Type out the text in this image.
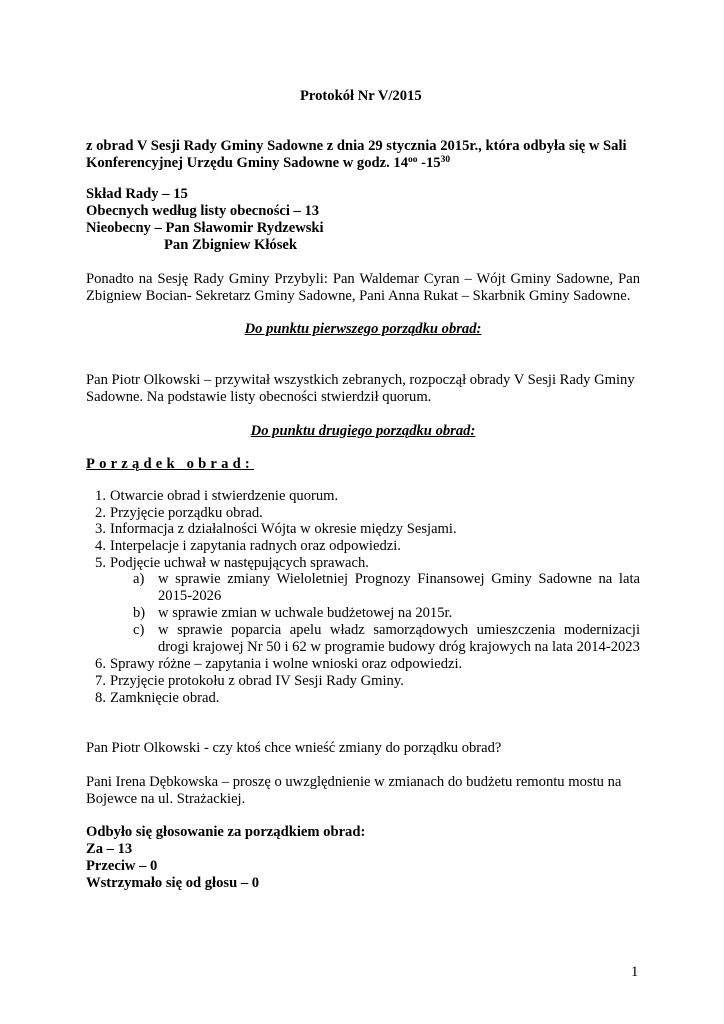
Protokół Nr V/2015
z obrad V Sesji Rady Gminy Sadowne z dnia 29 stycznia 2015r., która odbyła się w Sali
Konferencyjnej Urzędu Gminy Sadowne w godz. $14^{oo}$ $-15^{30}$
Skład Rady – 15
Obecnych według listy obecności – 13
Nieobecny – Pan Sławomir Rydzewski
Pan Zbigniew Kłósek
Ponadto na Sesję Rady Gminy Przybyli: Pan Waldemar Cyran – Wójt Gminy Sadowne, Pan Zbigniew Bocian- Sekretarz Gminy Sadowne, Pani Anna Rukat – Skarbnik Gminy Sadowne.
Do punktu pierwszego porządku obrad:
Pan Piotr Olkowski – przywitał wszystkich zebranych, rozpoczął obrady V Sesji Rady Gminy Sadowne. Na podstawie listy obecności stwierdził quorum.
Do punktu drugiego porządku obrad:
Porządek obrad:
1. Otwarcie obrad i stwierdzenie quorum.
2. Przyjęcie porządku obrad.
3. Informacja z działalności Wójta w okresie między Sesjami.
4. Interpelacje i zapytania radnych oraz odpowiedzi.
5. Podjęcie uchwał w następujących sprawach.
a) w sprawie zmiany Wieloletniej Prognozy Finansowej Gminy Sadowne na lata 2015-2026
b) w sprawie zmian w uchwale budżetowej na 2015r.
c) w sprawie poparcia apelu władz samorządowych umieszczenia modernizacji drogi krajowej Nr 50 i 62 w programie budowy dróg krajowych na lata 2014-2023
6. Sprawy różne – zapytania i wolne wnioski oraz odpowiedzi.
7. Przyjęcie protokołu z obrad IV Sesji Rady Gminy.
8. Zamknięcie obrad.
Pan Piotr Olkowski - czy ktoś chce wnieść zmiany do porządku obrad?
Pani Irena Dębkowska – proszę o uwzględnienie w zmianach do budżetu remontu mostu na Bojewce na ul. Strażackiej.
Odbyło się głosowanie za porządkiem obrad:
Za – 13
Przeciw – 0
Wstrzymało się od głosu – 0
1
